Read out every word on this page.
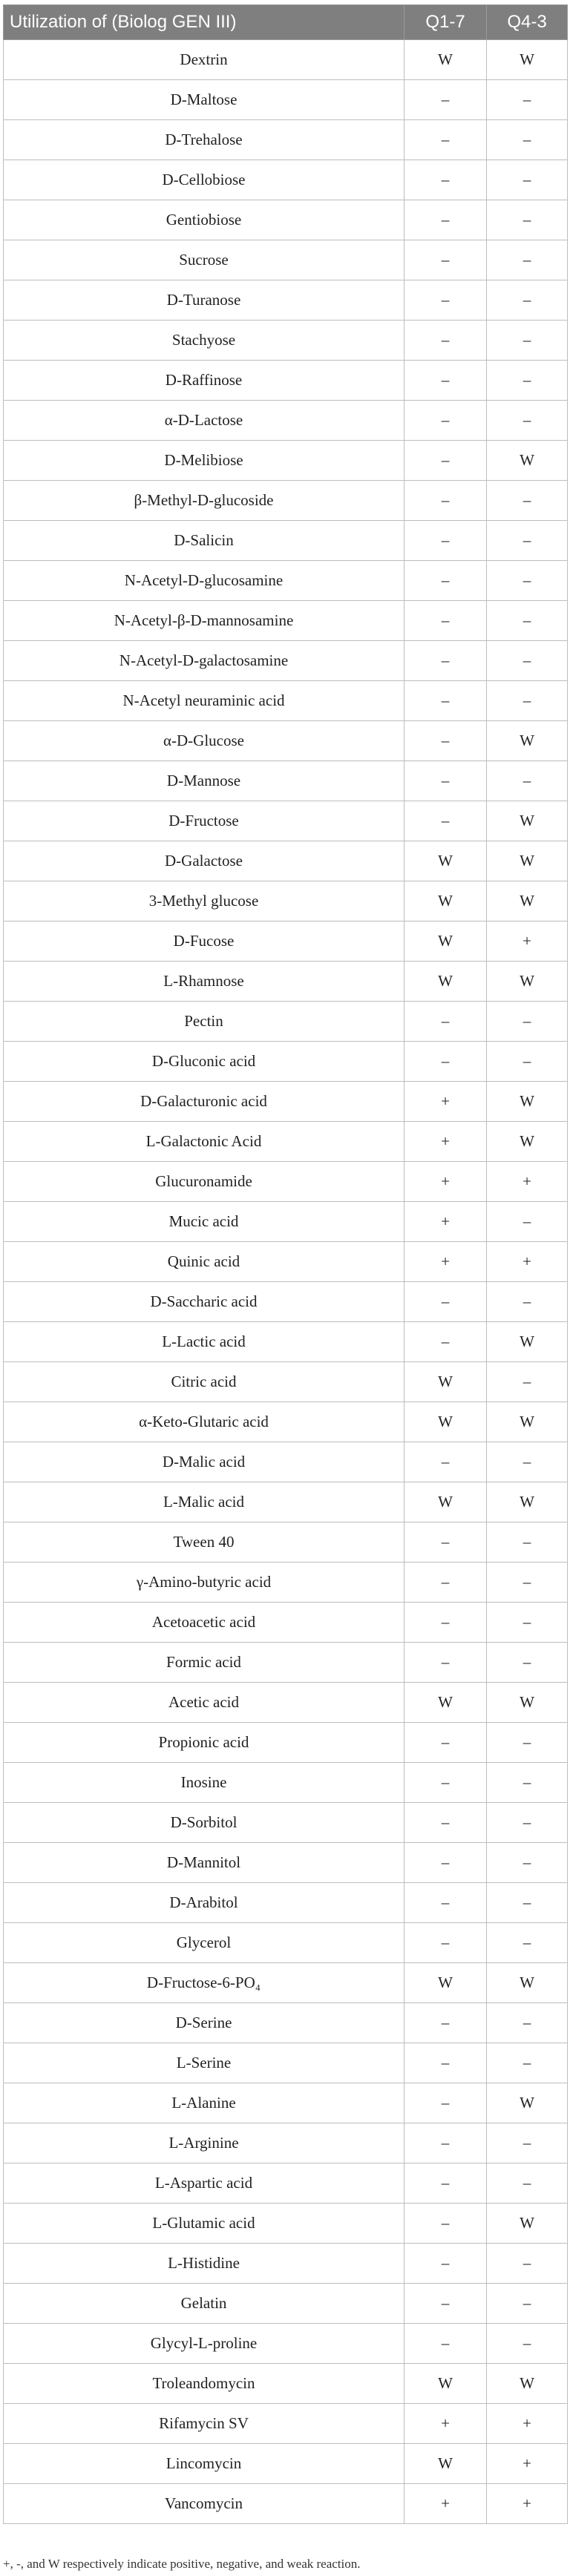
Utilization of (Biolog GEN III)	Q1-7	Q4-3
Dextrin	W	W
D-Maltose	–	–
D-Trehalose	–	–
D-Cellobiose	–	–
Gentiobiose	–	–
Sucrose	–	–
D-Turanose	–	–
Stachyose	–	–
D-Raffinose	–	–
α-D-Lactose	–	–
D-Melibiose	–	W
β-Methyl-D-glucoside	–	–
D-Salicin	–	–
N-Acetyl-D-glucosamine	–	–
N-Acetyl-β-D-mannosamine	–	–
N-Acetyl-D-galactosamine	–	–
N-Acetyl neuraminic acid	–	–
α-D-Glucose	–	W
D-Mannose	–	–
D-Fructose	–	W
D-Galactose	W	W
3-Methyl glucose	W	W
D-Fucose	W	+
L-Rhamnose	W	W
Pectin	–	–
D-Gluconic acid	–	–
D-Galacturonic acid	+	W
L-Galactonic Acid	+	W
Glucuronamide	+	+
Mucic acid	+	–
Quinic acid	+	+
D-Saccharic acid	–	–
L-Lactic acid	–	W
Citric acid	W	–
α-Keto-Glutaric acid	W	W
D-Malic acid	–	–
L-Malic acid	W	W
Tween 40	–	–
γ-Amino-butyric acid	–	–
Acetoacetic acid	–	–
Formic acid	–	–
Acetic acid	W	W
Propionic acid	–	–
Inosine	–	–
D-Sorbitol	–	–
D-Mannitol	–	–
D-Arabitol	–	–
Glycerol	–	–
D-Fructose-6-PO₄	W	W
D-Serine	–	–
L-Serine	–	–
L-Alanine	–	W
L-Arginine	–	–
L-Aspartic acid	–	–
L-Glutamic acid	–	W
L-Histidine	–	–
Gelatin	–	–
Glycyl-L-proline	–	–
Troleandomycin	W	W
Rifamycin SV	+	+
Lincomycin	W	+
Vancomycin	+	+
+, -, and W respectively indicate positive, negative, and weak reaction.
